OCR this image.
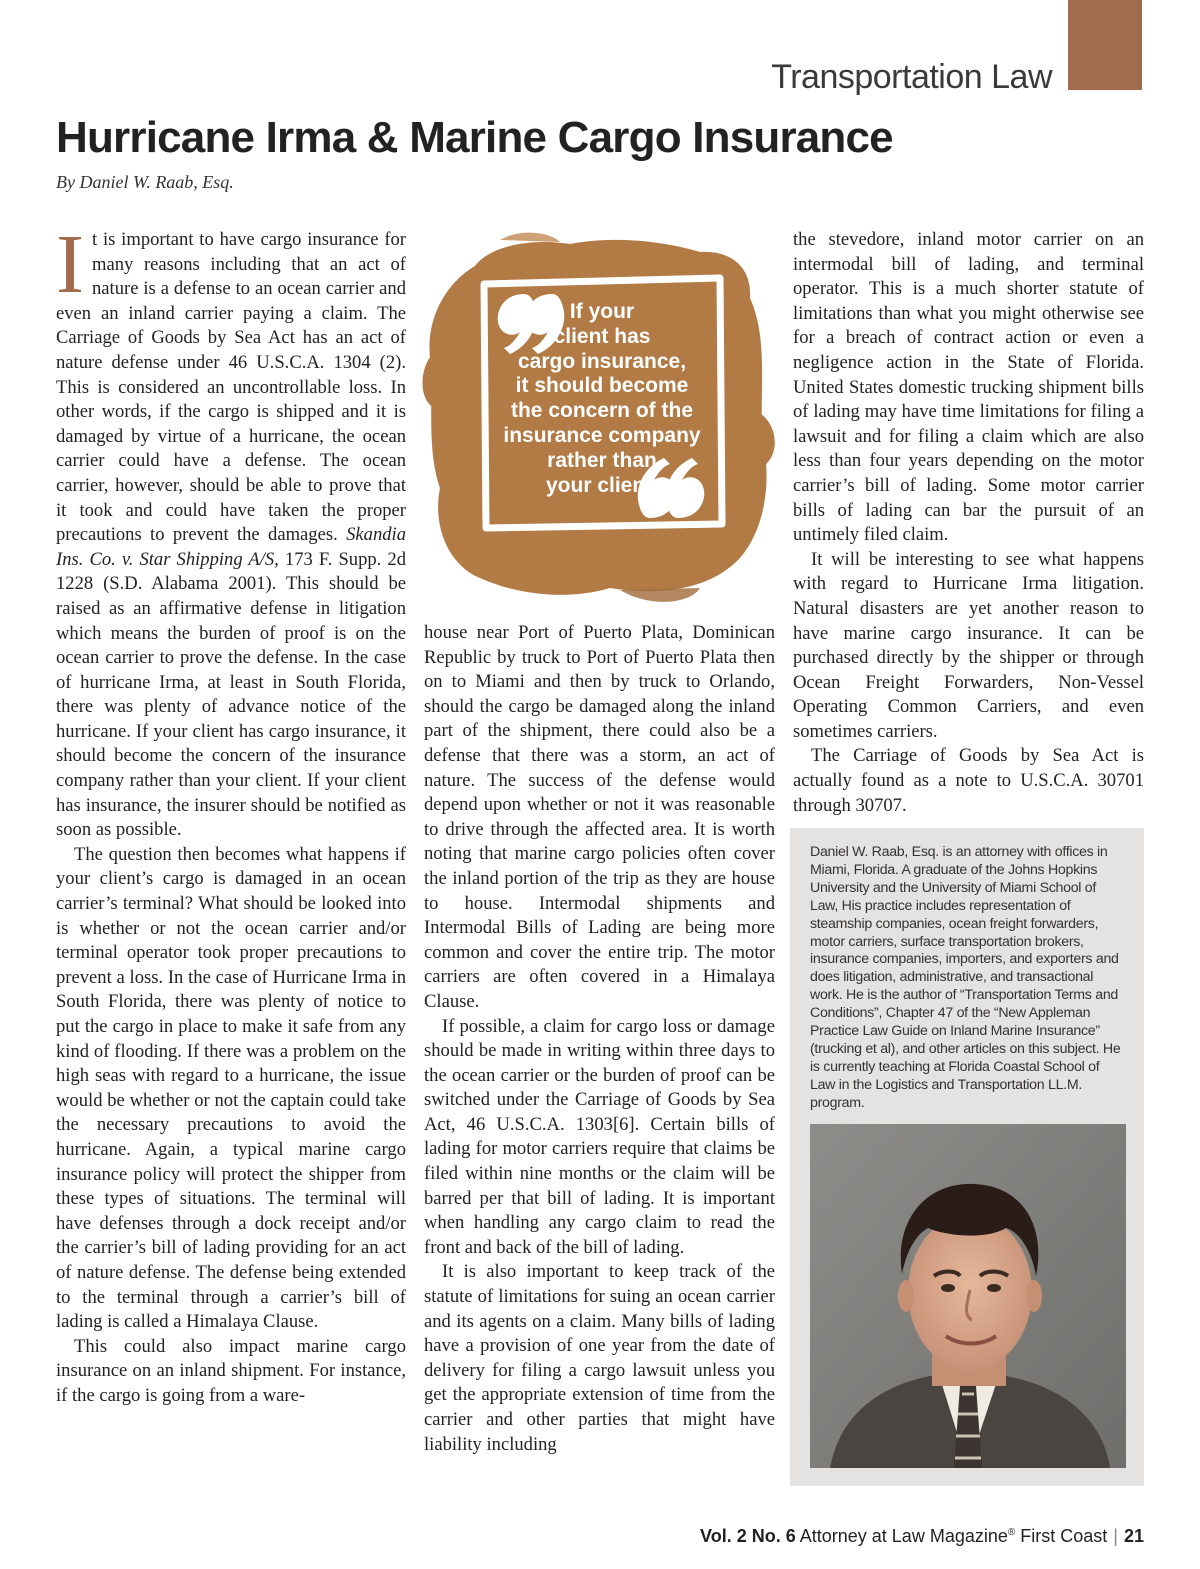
Transportation Law
Hurricane Irma & Marine Cargo Insurance
By Daniel W. Raab, Esq.

It is important to have cargo insurance for many reasons including that an act of nature is a defense to an ocean carrier and even an inland carrier paying a claim. The Carriage of Goods by Sea Act has an act of nature defense under 46 U.S.C.A. 1304 (2). This is considered an uncontrollable loss. In other words, if the cargo is shipped and it is damaged by virtue of a hurricane, the ocean carrier could have a defense. The ocean carrier, however, should be able to prove that it took and could have taken the proper precautions to prevent the damages. Skandia Ins. Co. v. Star Shipping A/S, 173 F. Supp. 2d 1228 (S.D. Alabama 2001). This should be raised as an affirmative defense in litigation which means the burden of proof is on the ocean carrier to prove the defense. In the case of hurricane Irma, at least in South Florida, there was plenty of advance notice of the hurricane. If your client has cargo insurance, it should become the concern of the insurance company rather than your client. If your client has insurance, the insurer should be notified as soon as possible.

The question then becomes what happens if your client’s cargo is damaged in an ocean carrier’s terminal? What should be looked into is whether or not the ocean carrier and/or terminal operator took proper precautions to prevent a loss. In the case of Hurricane Irma in South Florida, there was plenty of notice to put the cargo in place to make it safe from any kind of flooding. If there was a problem on the high seas with regard to a hurricane, the issue would be whether or not the captain could take the necessary precautions to avoid the hurricane. Again, a typical marine cargo insurance policy will protect the shipper from these types of situations. The terminal will have defenses through a dock receipt and/or the carrier’s bill of lading providing for an act of nature defense. The defense being extended to the terminal through a carrier’s bill of lading is called a Himalaya Clause.

This could also impact marine cargo insurance on an inland shipment. For instance, if the cargo is going from a ware-

If your
client has
cargo insurance,
it should become
the concern of the
insurance company
rather than
your client.

house near Port of Puerto Plata, Dominican Republic by truck to Port of Puerto Plata then on to Miami and then by truck to Orlando, should the cargo be damaged along the inland part of the shipment, there could also be a defense that there was a storm, an act of nature. The success of the defense would depend upon whether or not it was reasonable to drive through the affected area. It is worth noting that marine cargo policies often cover the inland portion of the trip as they are house to house. Intermodal shipments and Intermodal Bills of Lading are being more common and cover the entire trip. The motor carriers are often covered in a Himalaya Clause.

If possible, a claim for cargo loss or damage should be made in writing within three days to the ocean carrier or the burden of proof can be switched under the Carriage of Goods by Sea Act, 46 U.S.C.A. 1303[6]. Certain bills of lading for motor carriers require that claims be filed within nine months or the claim will be barred per that bill of lading. It is important when handling any cargo claim to read the front and back of the bill of lading.

It is also important to keep track of the statute of limitations for suing an ocean carrier and its agents on a claim. Many bills of lading have a provision of one year from the date of delivery for filing a cargo lawsuit unless you get the appropriate extension of time from the carrier and other parties that might have liability including

the stevedore, inland motor carrier on an intermodal bill of lading, and terminal operator. This is a much shorter statute of limitations than what you might otherwise see for a breach of contract action or even a negligence action in the State of Florida. United States domestic trucking shipment bills of lading may have time limitations for filing a lawsuit and for filing a claim which are also less than four years depending on the motor carrier’s bill of lading. Some motor carrier bills of lading can bar the pursuit of an untimely filed claim.

It will be interesting to see what happens with regard to Hurricane Irma litigation. Natural disasters are yet another reason to have marine cargo insurance. It can be purchased directly by the shipper or through Ocean Freight Forwarders, Non-Vessel Operating Common Carriers, and even sometimes carriers.

The Carriage of Goods by Sea Act is actually found as a note to U.S.C.A. 30701 through 30707.

Daniel W. Raab, Esq. is an attorney with offices in Miami, Florida. A graduate of the Johns Hopkins University and the University of Miami School of Law, His practice includes representation of steamship companies, ocean freight forwarders, motor carriers, surface transportation brokers, insurance companies, importers, and exporters and does litigation, administrative, and transactional work. He is the author of “Transportation Terms and Conditions”, Chapter 47 of the “New Appleman Practice Law Guide on Inland Marine Insurance” (trucking et al), and other articles on this subject. He is currently teaching at Florida Coastal School of Law in the Logistics and Transportation LL.M. program.
Vol. 2 No. 6 Attorney at Law Magazine® First Coast | 21
